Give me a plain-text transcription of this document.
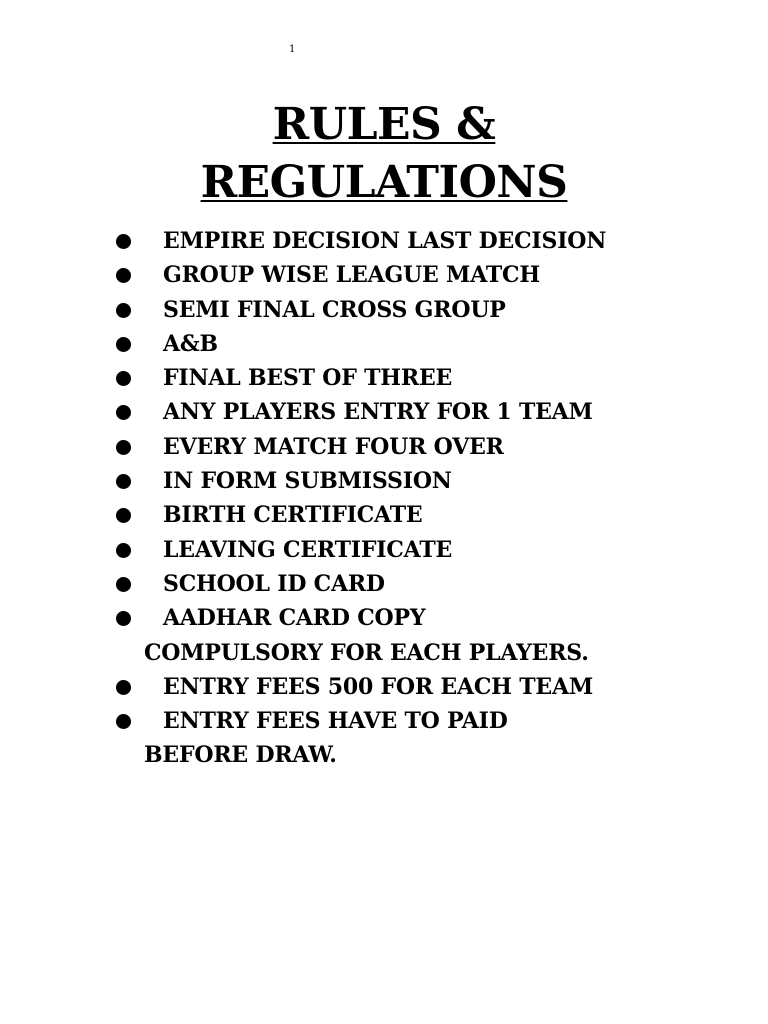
1
RULES &
REGULATIONS
EMPIRE DECISION LAST DECISION
GROUP WISE LEAGUE MATCH
SEMI FINAL CROSS GROUP
A&B
FINAL BEST OF THREE
ANY PLAYERS ENTRY FOR 1 TEAM
EVERY MATCH FOUR OVER
IN FORM SUBMISSION
BIRTH CERTIFICATE
LEAVING CERTIFICATE
SCHOOL ID CARD
AADHAR CARD COPY
COMPULSORY FOR EACH PLAYERS.
ENTRY FEES 500 FOR EACH TEAM
ENTRY FEES HAVE TO PAID
BEFORE DRAW.
